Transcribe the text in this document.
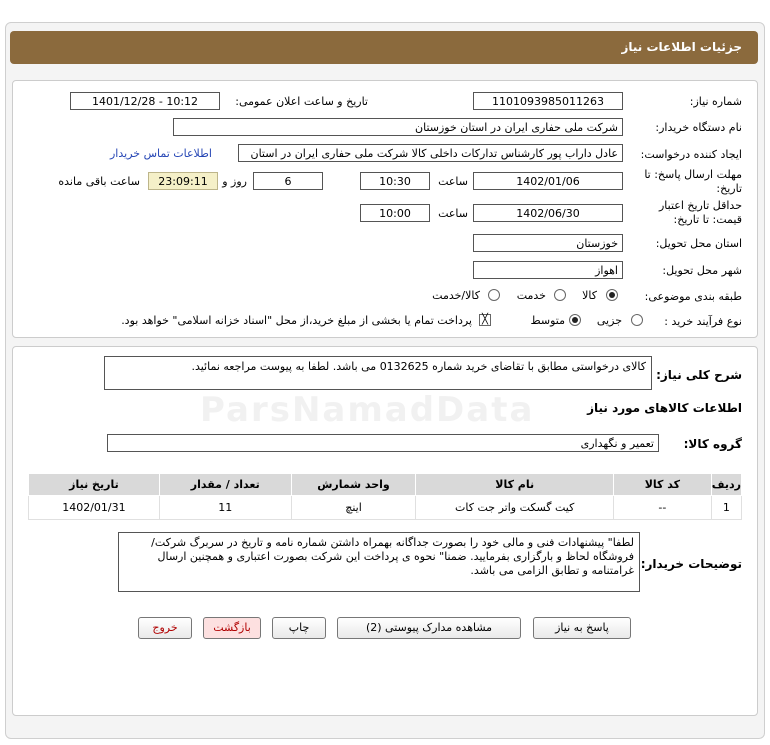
جزئیات اطلاعات نیاز
شماره نیاز:
1101093985011263
تاریخ و ساعت اعلان عمومی:
1401/12/28 - 10:12
نام دستگاه خریدار:
شرکت ملی حفاری ایران در استان خوزستان
ایجاد کننده درخواست:
عادل داراب پور کارشناس تدارکات داخلی کالا شرکت ملی حفاری ایران در استان
اطلاعات تماس خریدار
مهلت ارسال پاسخ: تا تاریخ:
1402/01/06
ساعت
10:30
6
روز و
23:09:11
ساعت باقی مانده
حداقل تاریخ اعتبار قیمت: تا تاریخ:
1402/06/30
ساعت
10:00
استان محل تحویل:
خوزستان
شهر محل تحویل:
اهواز
طبقه بندی موضوعی:
کالا
خدمت
کالا/خدمت
نوع فرآیند خرید :
جزیی
متوسط
╳
پرداخت تمام یا بخشی از مبلغ خرید،از محل "اسناد خزانه اسلامی" خواهد بود.
ParsNamadData
شرح کلی نیاز:
کالای درخواستی مطابق با تقاضای خرید شماره 0132625 می باشد. لطفا به پیوست مراجعه نمائید.
اطلاعات کالاهای مورد نیاز
گروه کالا:
تعمیر و نگهداری
ردیف	کد کالا	نام کالا	واحد شمارش	تعداد / مقدار	تاریخ نیاز
1	--	کیت گسکت واتر جت کات	اینچ	11	1402/01/31
توضیحات خریدار:
لطفا" پیشنهادات فنی و مالی خود را بصورت جداگانه بهمراه داشتن شماره نامه و تاریخ در سربرگ شرکت/ فروشگاه لحاظ و بارگزاری بفرمایید. ضمنا" نحوه ی پرداخت این شرکت بصورت اعتباری و همچنین ارسال غرامتنامه و تطابق الزامی می باشد.
پاسخ به نیاز
مشاهده مدارک پیوستی (2)
چاپ
بازگشت
خروج
